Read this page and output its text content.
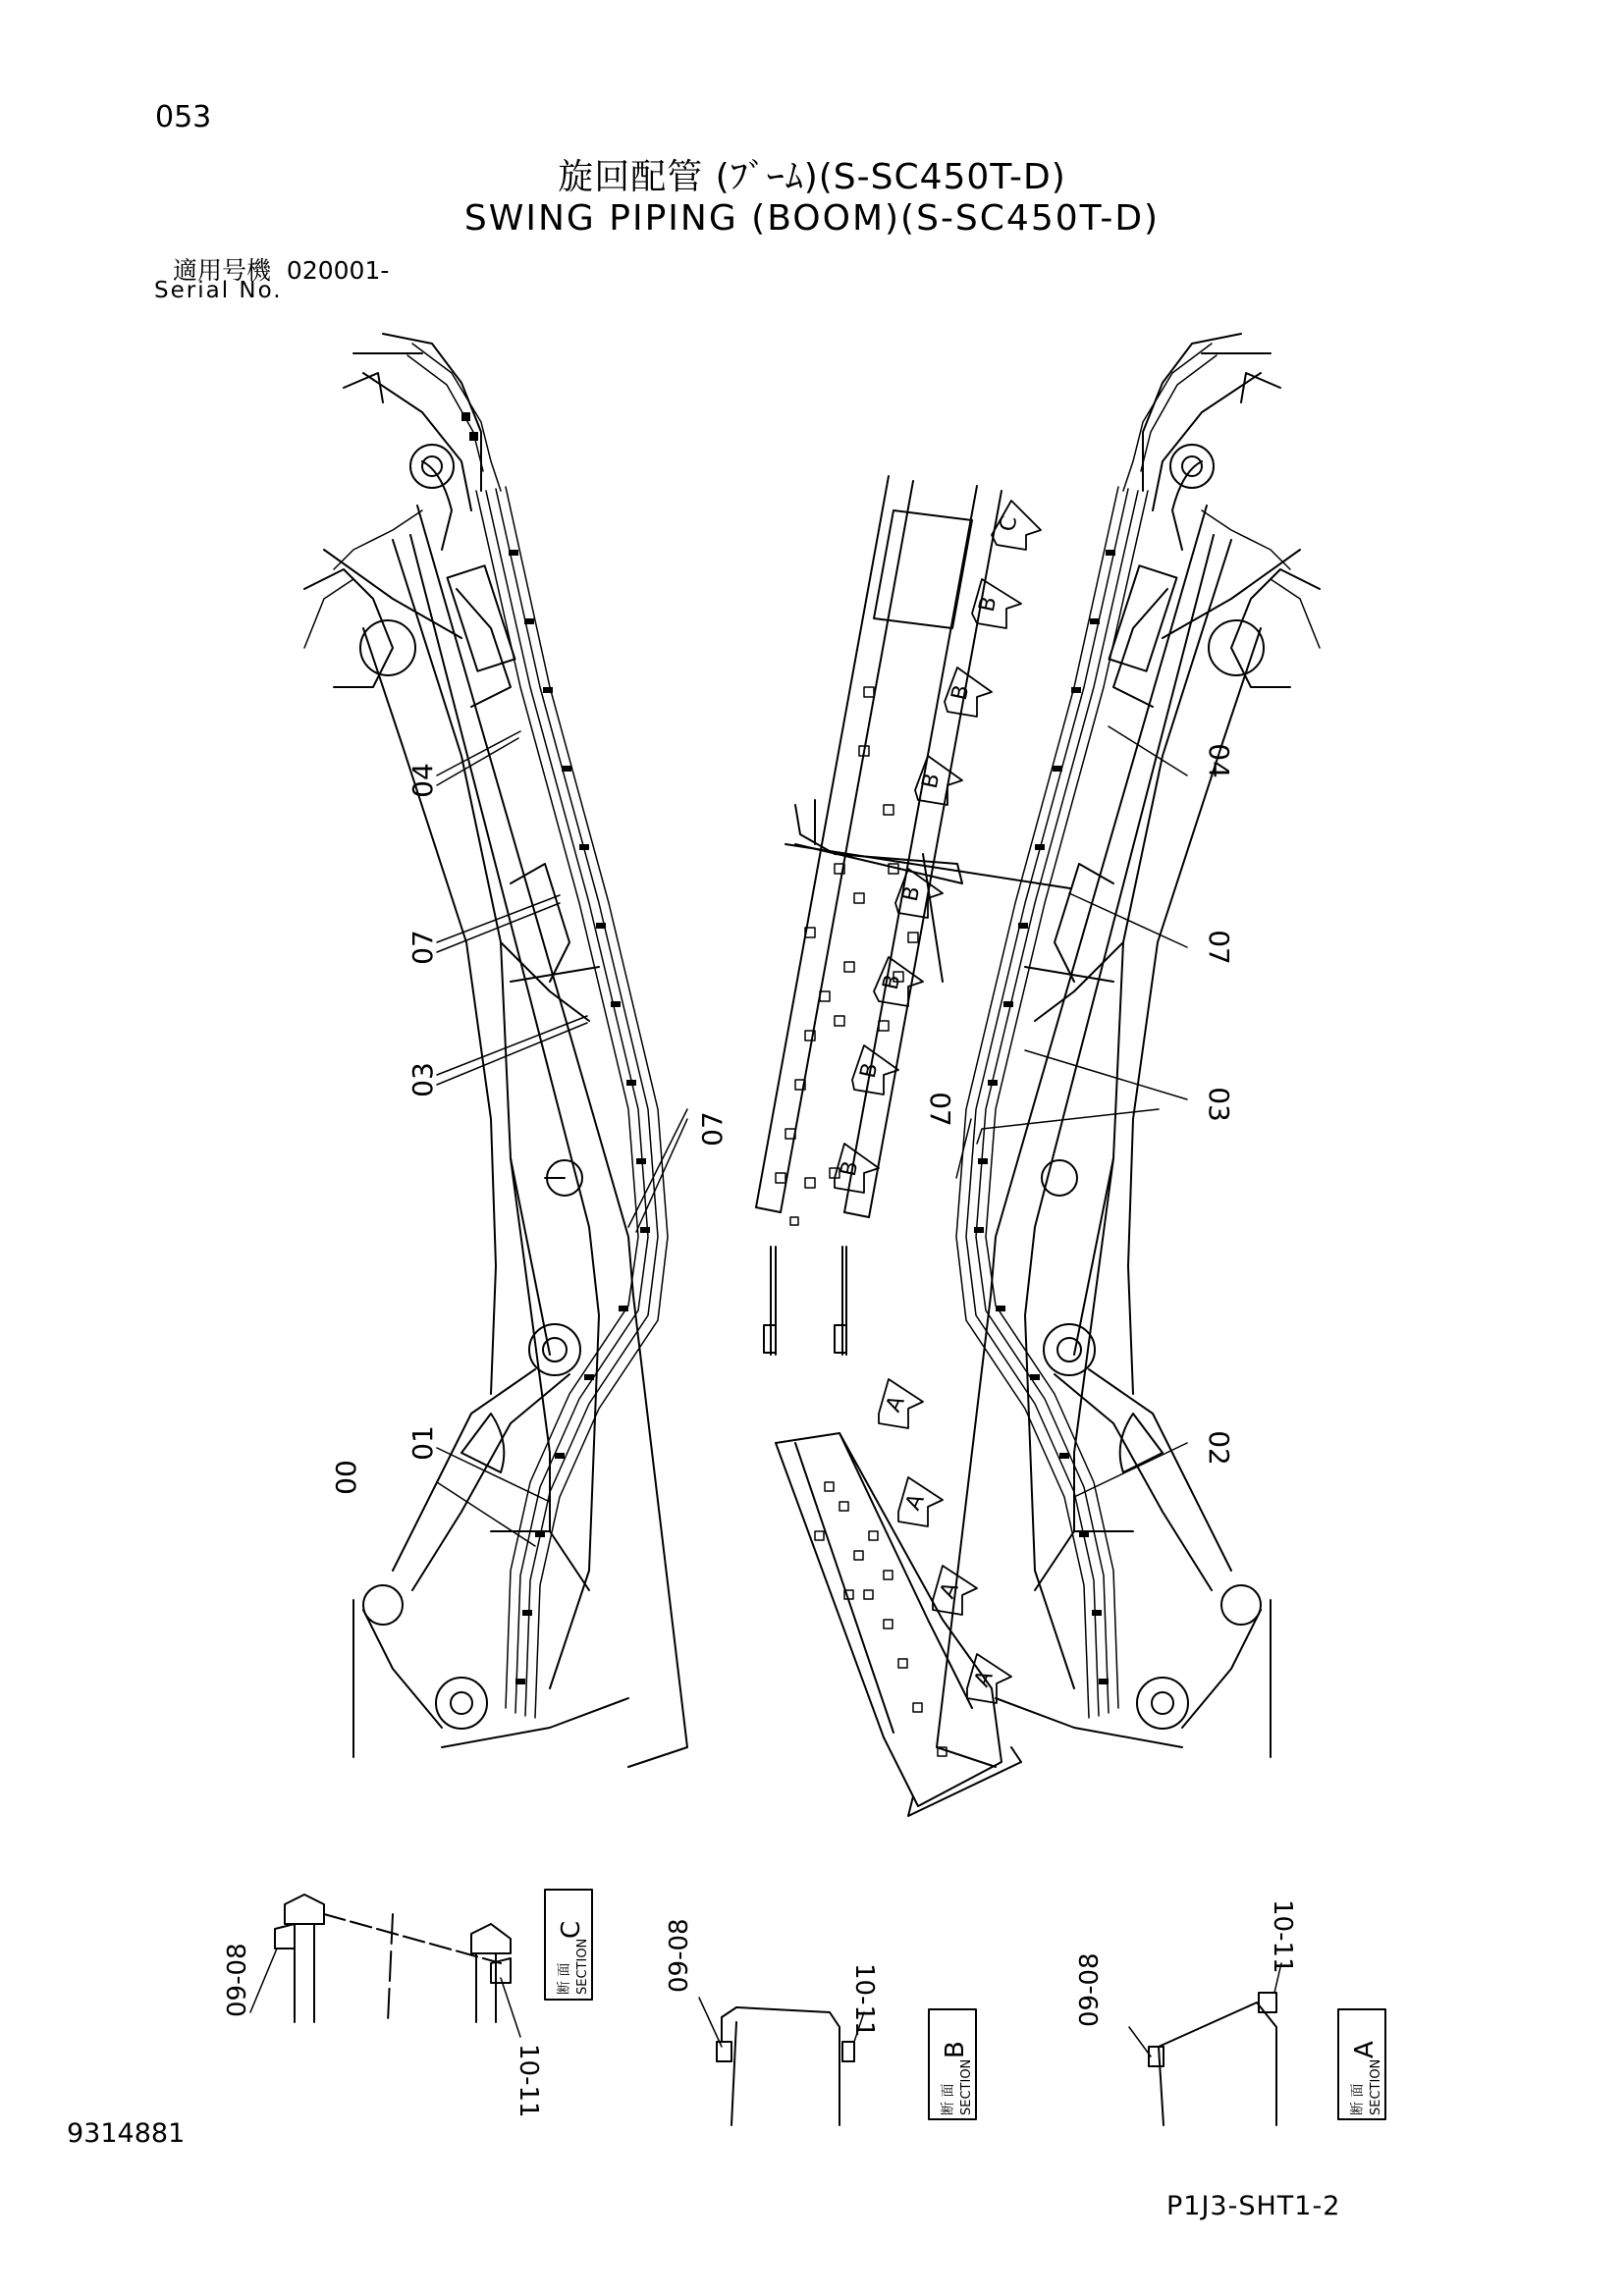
053
旋回配管 (ﾌﾞｰﾑ)(S-SC450T-D)
SWING PIPING (BOOM)(S-SC450T-D)
適用号機 020001-
Serial No.
9314881
P1J3-SHT1-2
04
07
03
07
01
00
04
07
03
07
02
C
B
B
B
B
B
B
B
A
A
A
A
09-08
10-11
断 面 SECTION
C	09-08
10-11
断 面 SECTION
B
09-08
10-11
断 面 SECTION
A
